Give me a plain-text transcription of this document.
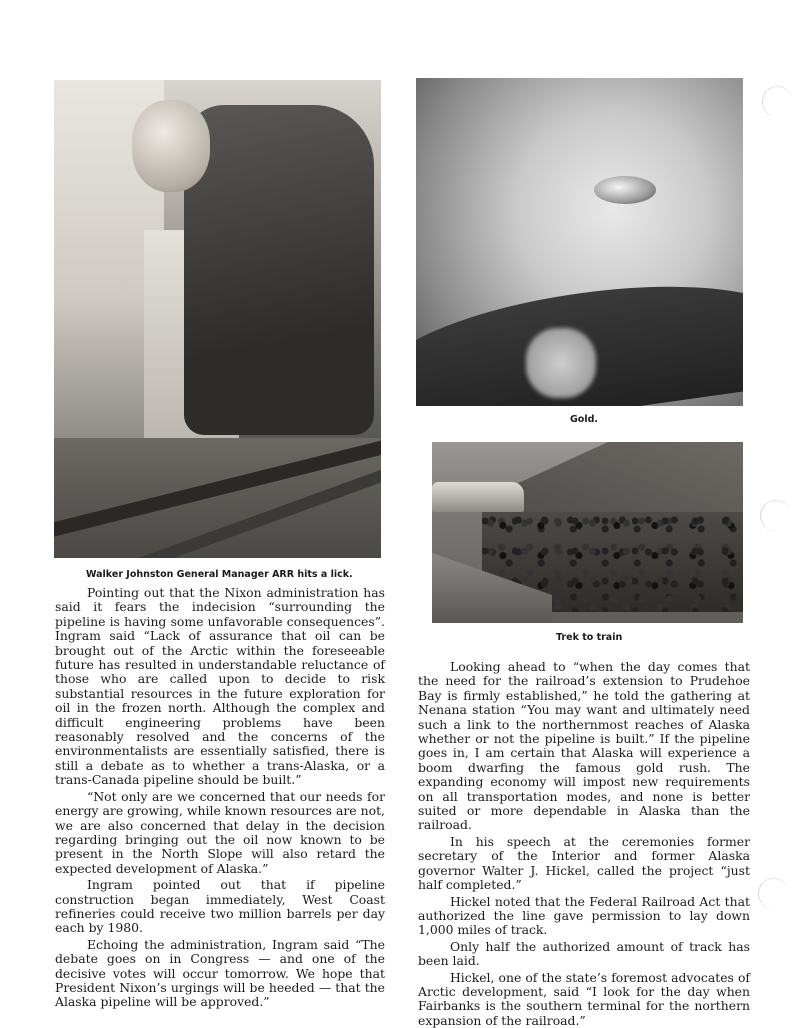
Walker Johnston General Manager ARR hits a lick.
Gold.
Trek to train

Pointing out that the Nixon administration has said it fears the indecision “surrounding the pipeline is having some unfavorable consequences”. Ingram said “Lack of assurance that oil can be brought out of the Arctic within the foreseeable future has resulted in understandable reluctance of those who are called upon to decide to risk substantial resources in the future exploration for oil in the frozen north. Although the complex and difficult engineering problems have been reasonably resolved and the concerns of the environmentalists are essentially satisfied, there is still a debate as to whether a trans-Alaska, or a trans-Canada pipeline should be built.”

“Not only are we concerned that our needs for energy are growing, while known resources are not, we are also concerned that delay in the decision regarding bringing out the oil now known to be present in the North Slope will also retard the expected development of Alaska.”

Ingram pointed out that if pipeline construction began immediately, West Coast refineries could receive two million barrels per day each by 1980.

Echoing the administration, Ingram said “The debate goes on in Congress — and one of the decisive votes will occur tomorrow. We hope that President Nixon’s urgings will be heeded — that the Alaska pipeline will be approved.”

Looking ahead to “when the day comes that the need for the railroad’s extension to Prudehoe Bay is firmly established,” he told the gathering at Nenana station “You may want and ultimately need such a link to the northernmost reaches of Alaska whether or not the pipeline is built.” If the pipeline goes in, I am certain that Alaska will experience a boom dwarfing the famous gold rush. The expanding economy will impost new requirements on all transportation modes, and none is better suited or more dependable in Alaska than the railroad.

In his speech at the ceremonies former secretary of the Interior and former Alaska governor Walter J. Hickel, called the project “just half completed.”

Hickel noted that the Federal Railroad Act that authorized the line gave permission to lay down 1,000 miles of track.

Only half the authorized amount of track has been laid.

Hickel, one of the state’s foremost advocates of Arctic development, said “I look for the day when Fairbanks is the southern terminal for the northern expansion of the railroad.”
